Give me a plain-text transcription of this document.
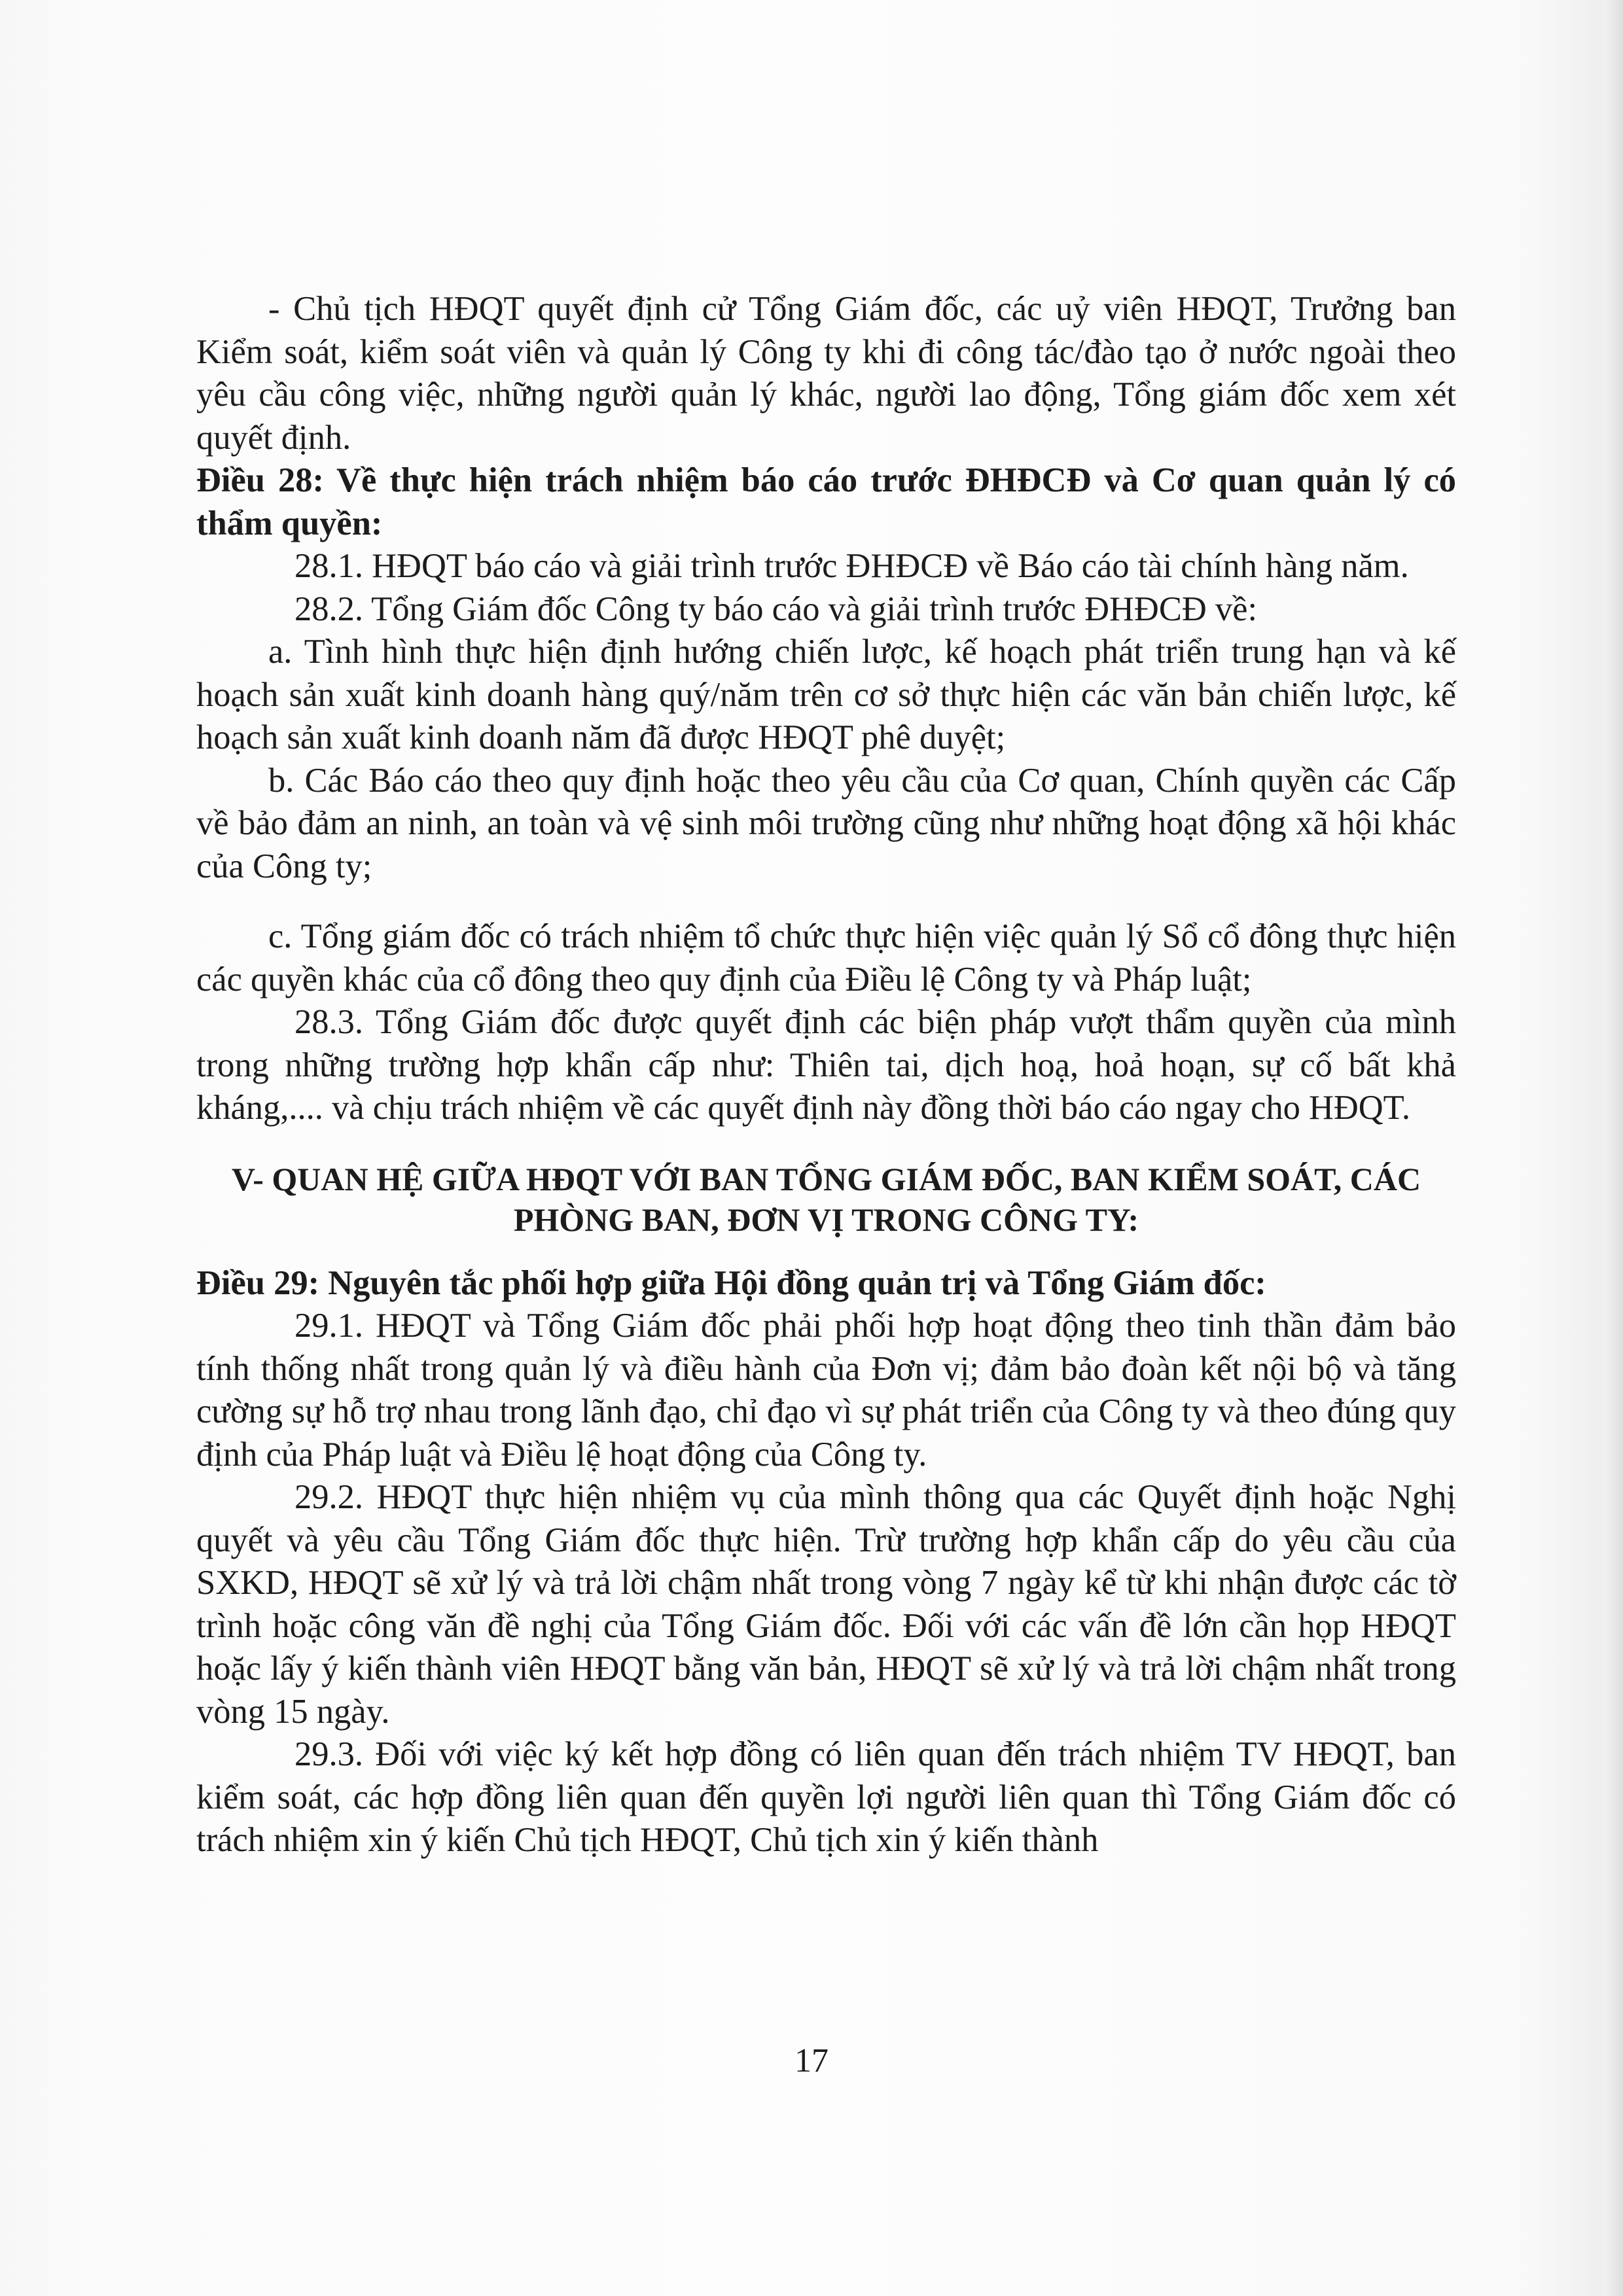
- Chủ tịch HĐQT quyết định cử Tổng Giám đốc, các uỷ viên HĐQT, Trưởng ban Kiểm soát, kiểm soát viên và quản lý Công ty khi đi công tác/đào tạo ở nước ngoài theo yêu cầu công việc, những người quản lý khác, người lao động, Tổng giám đốc xem xét quyết định.

Điều 28: Về thực hiện trách nhiệm báo cáo trước ĐHĐCĐ và Cơ quan quản lý có thẩm quyền:

28.1. HĐQT báo cáo và giải trình trước ĐHĐCĐ về Báo cáo tài chính hàng năm.

28.2. Tổng Giám đốc Công ty báo cáo và giải trình trước ĐHĐCĐ về:

a. Tình hình thực hiện định hướng chiến lược, kế hoạch phát triển trung hạn và kế hoạch sản xuất kinh doanh hàng quý/năm trên cơ sở thực hiện các văn bản chiến lược, kế hoạch sản xuất kinh doanh năm đã được HĐQT phê duyệt;

b. Các Báo cáo theo quy định hoặc theo yêu cầu của Cơ quan, Chính quyền các Cấp về bảo đảm an ninh, an toàn và vệ sinh môi trường cũng như những hoạt động xã hội khác của Công ty;

c. Tổng giám đốc có trách nhiệm tổ chức thực hiện việc quản lý Sổ cổ đông thực hiện các quyền khác của cổ đông theo quy định của Điều lệ Công ty và Pháp luật;

28.3. Tổng Giám đốc được quyết định các biện pháp vượt thẩm quyền của mình trong những trường hợp khẩn cấp như: Thiên tai, dịch hoạ, hoả hoạn, sự cố bất khả kháng,.... và chịu trách nhiệm về các quyết định này đồng thời báo cáo ngay cho HĐQT.

V- QUAN HỆ GIỮA HĐQT VỚI BAN TỔNG GIÁM ĐỐC, BAN KIỂM SOÁT, CÁC PHÒNG BAN, ĐƠN VỊ TRONG CÔNG TY:

Điều 29: Nguyên tắc phối hợp giữa Hội đồng quản trị và Tổng Giám đốc:

29.1. HĐQT và Tổng Giám đốc phải phối hợp hoạt động theo tinh thần đảm bảo tính thống nhất trong quản lý và điều hành của Đơn vị; đảm bảo đoàn kết nội bộ và tăng cường sự hỗ trợ nhau trong lãnh đạo, chỉ đạo vì sự phát triển của Công ty và theo đúng quy định của Pháp luật và Điều lệ hoạt động của Công ty.

29.2. HĐQT thực hiện nhiệm vụ của mình thông qua các Quyết định hoặc Nghị quyết và yêu cầu Tổng Giám đốc thực hiện. Trừ trường hợp khẩn cấp do yêu cầu của SXKD, HĐQT sẽ xử lý và trả lời chậm nhất trong vòng 7 ngày kể từ khi nhận được các tờ trình hoặc công văn đề nghị của Tổng Giám đốc. Đối với các vấn đề lớn cần họp HĐQT hoặc lấy ý kiến thành viên HĐQT bằng văn bản, HĐQT sẽ xử lý và trả lời chậm nhất trong vòng 15 ngày.

29.3. Đối với việc ký kết hợp đồng có liên quan đến trách nhiệm TV HĐQT, ban kiểm soát, các hợp đồng liên quan đến quyền lợi người liên quan thì Tổng Giám đốc có trách nhiệm xin ý kiến Chủ tịch HĐQT, Chủ tịch xin ý kiến thành

17
